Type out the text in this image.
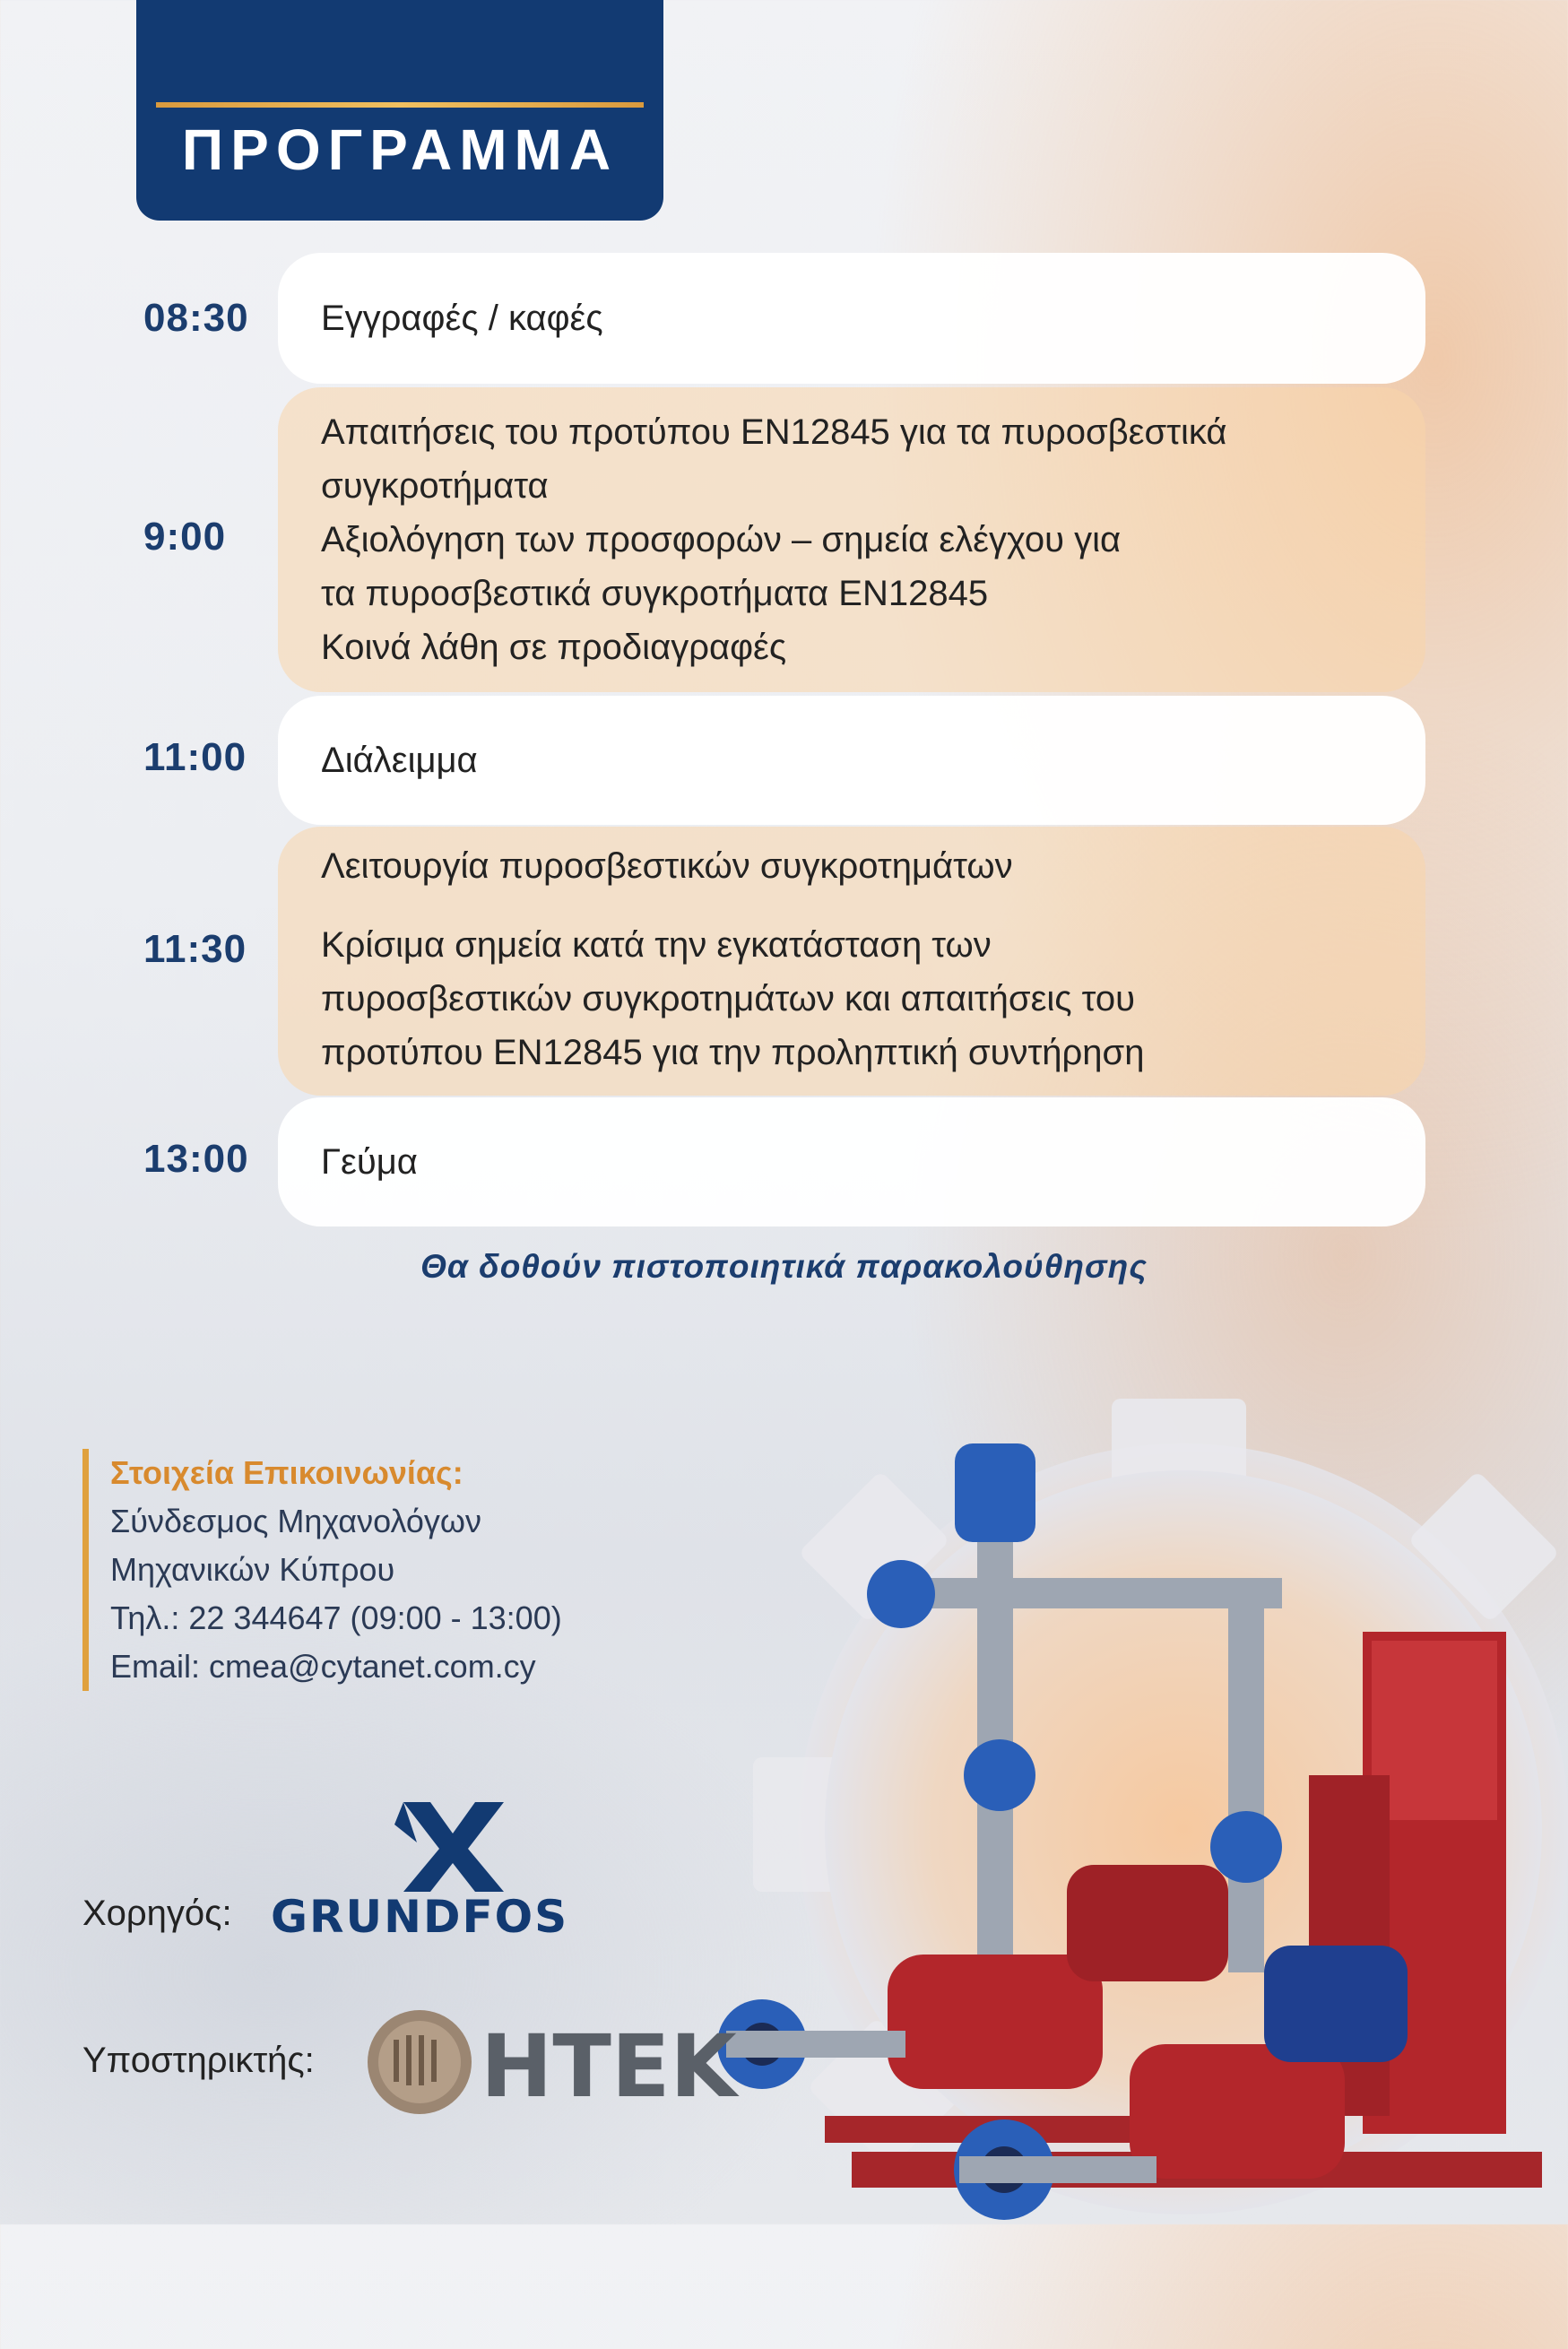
ΠΡΟΓΡΑΜΜΑ
08:30 Εγγραφές / καφές
9:00
Απαιτήσεις του προτύπου EN12845 για τα πυροσβεστικά
συγκροτήματα
Αξιολόγηση των προσφορών – σημεία ελέγχου για
τα πυροσβεστικά συγκροτήματα EN12845
Κοινά λάθη σε προδιαγραφές
11:00 Διάλειμμα
11:30
Λειτουργία πυροσβεστικών συγκροτημάτων
Κρίσιμα σημεία κατά την εγκατάσταση των
πυροσβεστικών συγκροτημάτων και απαιτήσεις του
προτύπου EN12845 για την προληπτική συντήρηση
13:00 Γεύμα
Θα δοθούν πιστοποιητικά παρακολούθησης
Στοιχεία Επικοινωνίας:
Σύνδεσμος Μηχανολόγων
Μηχανικών Κύπρου
Τηλ.: 22 344647 (09:00 - 13:00)
Email: cmea@cytanet.com.cy
Χορηγός: GRUNDFOS
Υποστηρικτής: ΗΤΕΚ
